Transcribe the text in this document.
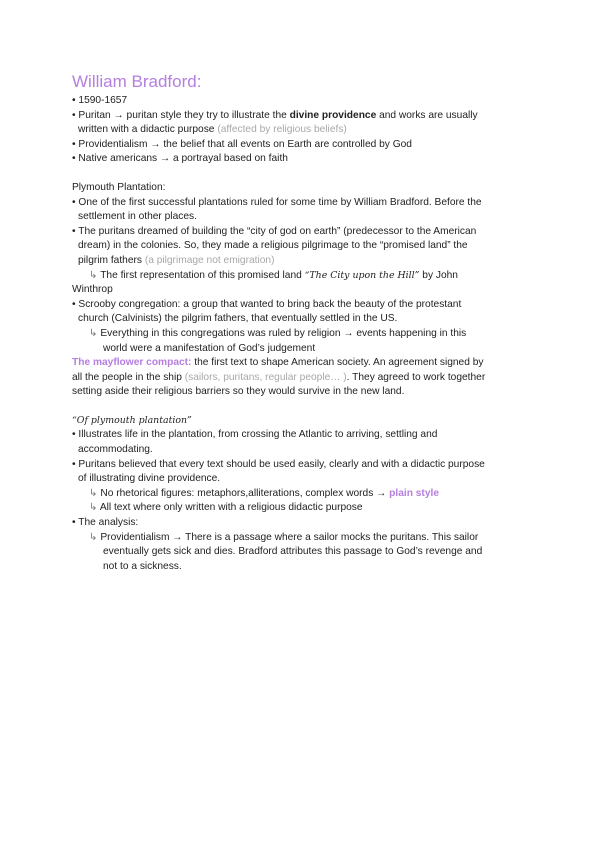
William Bradford:
• 1590-1657
• Puritan → puritan style they try to illustrate the divine providence and works are usually
written with a didactic purpose (affected by religious beliefs)
• Providentialism → the belief that all events on Earth are controlled by God
• Native americans → a portrayal based on faith
Plymouth Plantation:
• One of the first successful plantations ruled for some time by William Bradford. Before the
settlement in other places.
• The puritans dreamed of building the “city of god on earth” (predecessor to the American
dream) in the colonies. So, they made a religious pilgrimage to the “promised land” the
pilgrim fathers (a pilgrimage not emigration)
↳ The first representation of this promised land “The City upon the Hill” by John
Winthrop
• Scrooby congregation: a group that wanted to bring back the beauty of the protestant
church (Calvinists) the pilgrim fathers, that eventually settled in the US.
↳ Everything in this congregations was ruled by religion → events happening in this
world were a manifestation of God’s judgement
The mayflower compact: the first text to shape American society. An agreement signed by
all the people in the ship (sailors, puritans, regular people… ). They agreed to work together
setting aside their religious barriers so they would survive in the new land.
“Of plymouth plantation”
• Illustrates life in the plantation, from crossing the Atlantic to arriving, settling and
accommodating.
• Puritans believed that every text should be used easily, clearly and with a didactic purpose
of illustrating divine providence.
↳ No rhetorical figures: metaphors,alliterations, complex words → plain style
↳ All text where only written with a religious didactic purpose
• The analysis:
↳ Providentialism → There is a passage where a sailor mocks the puritans. This sailor
eventually gets sick and dies. Bradford attributes this passage to God’s revenge and
not to a sickness.
